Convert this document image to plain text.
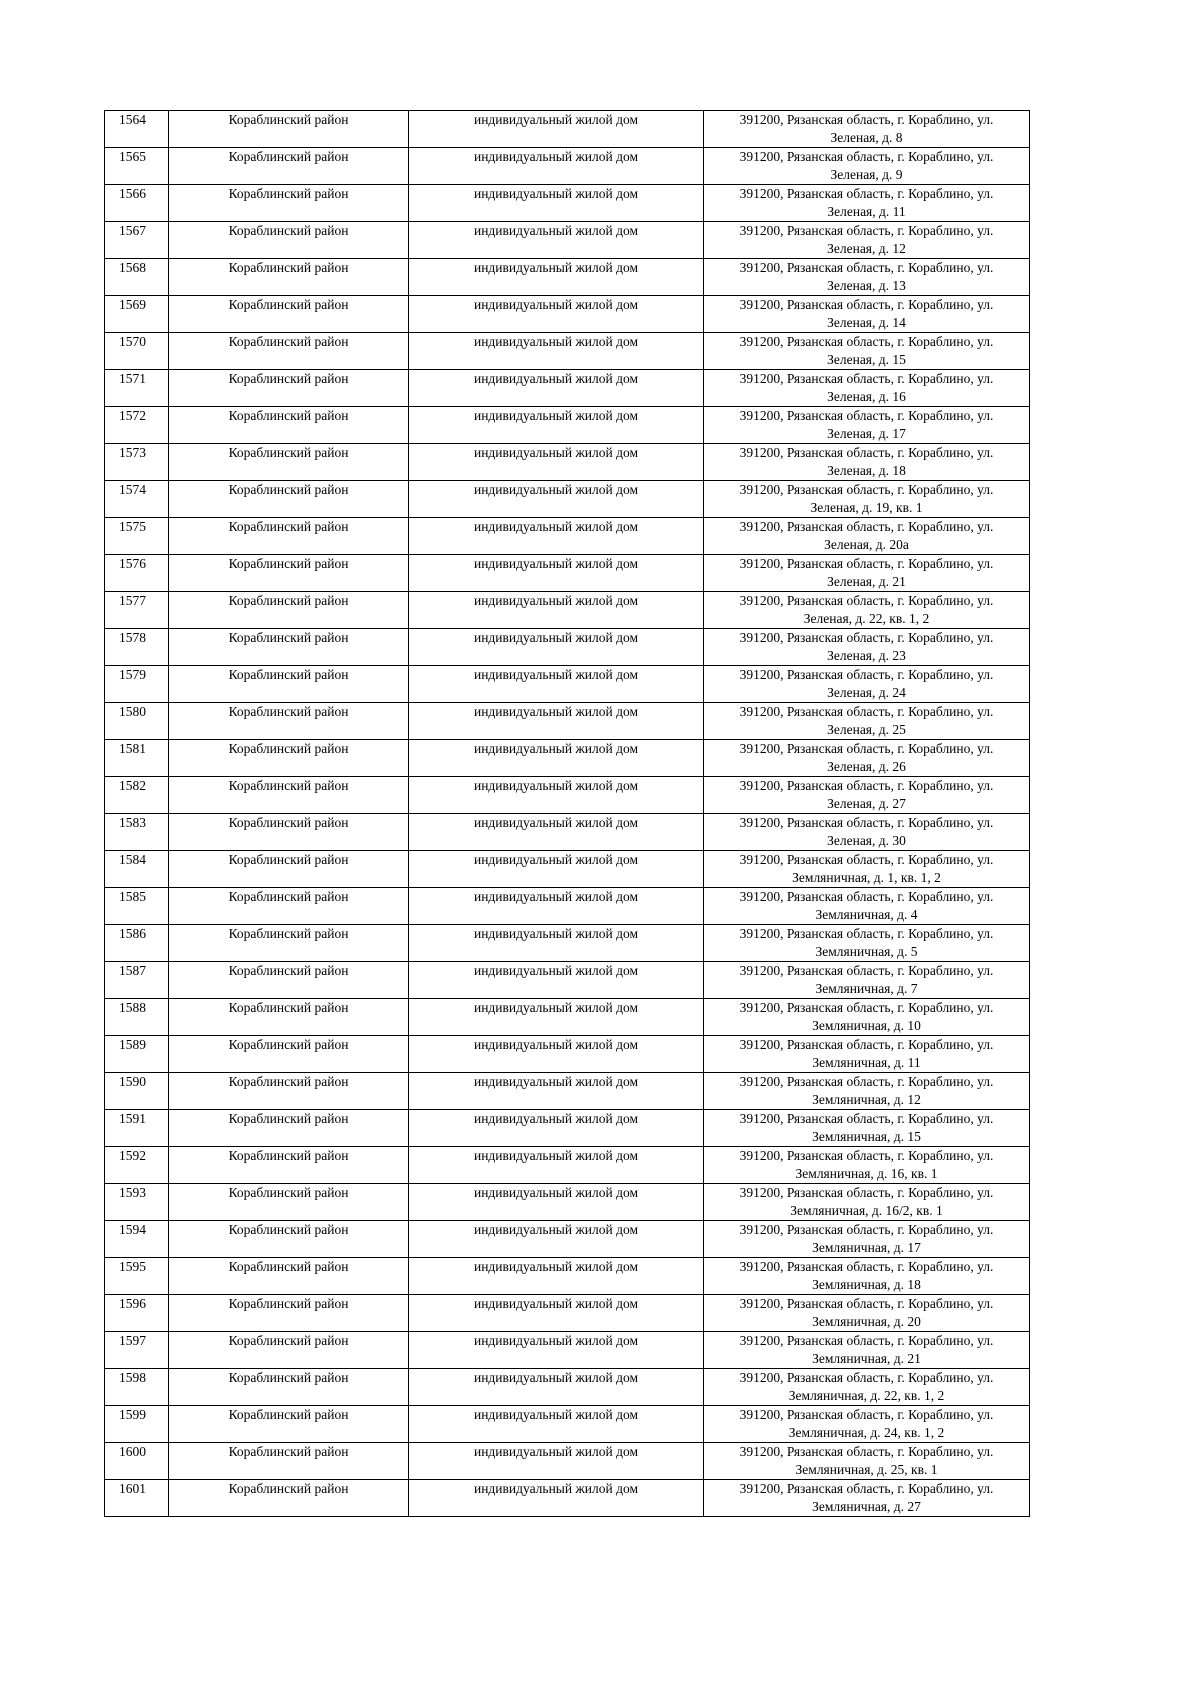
1564	Кораблинский район	индивидуальный жилой дом	391200, Рязанская область, г. Кораблино, ул. Зеленая, д. 8
1565	Кораблинский район	индивидуальный жилой дом	391200, Рязанская область, г. Кораблино, ул. Зеленая, д. 9
1566	Кораблинский район	индивидуальный жилой дом	391200, Рязанская область, г. Кораблино, ул. Зеленая, д. 11
1567	Кораблинский район	индивидуальный жилой дом	391200, Рязанская область, г. Кораблино, ул. Зеленая, д. 12
1568	Кораблинский район	индивидуальный жилой дом	391200, Рязанская область, г. Кораблино, ул. Зеленая, д. 13
1569	Кораблинский район	индивидуальный жилой дом	391200, Рязанская область, г. Кораблино, ул. Зеленая, д. 14
1570	Кораблинский район	индивидуальный жилой дом	391200, Рязанская область, г. Кораблино, ул. Зеленая, д. 15
1571	Кораблинский район	индивидуальный жилой дом	391200, Рязанская область, г. Кораблино, ул. Зеленая, д. 16
1572	Кораблинский район	индивидуальный жилой дом	391200, Рязанская область, г. Кораблино, ул. Зеленая, д. 17
1573	Кораблинский район	индивидуальный жилой дом	391200, Рязанская область, г. Кораблино, ул. Зеленая, д. 18
1574	Кораблинский район	индивидуальный жилой дом	391200, Рязанская область, г. Кораблино, ул. Зеленая, д. 19, кв. 1
1575	Кораблинский район	индивидуальный жилой дом	391200, Рязанская область, г. Кораблино, ул. Зеленая, д. 20а
1576	Кораблинский район	индивидуальный жилой дом	391200, Рязанская область, г. Кораблино, ул. Зеленая, д. 21
1577	Кораблинский район	индивидуальный жилой дом	391200, Рязанская область, г. Кораблино, ул. Зеленая, д. 22, кв. 1, 2
1578	Кораблинский район	индивидуальный жилой дом	391200, Рязанская область, г. Кораблино, ул. Зеленая, д. 23
1579	Кораблинский район	индивидуальный жилой дом	391200, Рязанская область, г. Кораблино, ул. Зеленая, д. 24
1580	Кораблинский район	индивидуальный жилой дом	391200, Рязанская область, г. Кораблино, ул. Зеленая, д. 25
1581	Кораблинский район	индивидуальный жилой дом	391200, Рязанская область, г. Кораблино, ул. Зеленая, д. 26
1582	Кораблинский район	индивидуальный жилой дом	391200, Рязанская область, г. Кораблино, ул. Зеленая, д. 27
1583	Кораблинский район	индивидуальный жилой дом	391200, Рязанская область, г. Кораблино, ул. Зеленая, д. 30
1584	Кораблинский район	индивидуальный жилой дом	391200, Рязанская область, г. Кораблино, ул. Земляничная, д. 1, кв. 1, 2
1585	Кораблинский район	индивидуальный жилой дом	391200, Рязанская область, г. Кораблино, ул. Земляничная, д. 4
1586	Кораблинский район	индивидуальный жилой дом	391200, Рязанская область, г. Кораблино, ул. Земляничная, д. 5
1587	Кораблинский район	индивидуальный жилой дом	391200, Рязанская область, г. Кораблино, ул. Земляничная, д. 7
1588	Кораблинский район	индивидуальный жилой дом	391200, Рязанская область, г. Кораблино, ул. Земляничная, д. 10
1589	Кораблинский район	индивидуальный жилой дом	391200, Рязанская область, г. Кораблино, ул. Земляничная, д. 11
1590	Кораблинский район	индивидуальный жилой дом	391200, Рязанская область, г. Кораблино, ул. Земляничная, д. 12
1591	Кораблинский район	индивидуальный жилой дом	391200, Рязанская область, г. Кораблино, ул. Земляничная, д. 15
1592	Кораблинский район	индивидуальный жилой дом	391200, Рязанская область, г. Кораблино, ул. Земляничная, д. 16, кв. 1
1593	Кораблинский район	индивидуальный жилой дом	391200, Рязанская область, г. Кораблино, ул. Земляничная, д. 16/2, кв. 1
1594	Кораблинский район	индивидуальный жилой дом	391200, Рязанская область, г. Кораблино, ул. Земляничная, д. 17
1595	Кораблинский район	индивидуальный жилой дом	391200, Рязанская область, г. Кораблино, ул. Земляничная, д. 18
1596	Кораблинский район	индивидуальный жилой дом	391200, Рязанская область, г. Кораблино, ул. Земляничная, д. 20
1597	Кораблинский район	индивидуальный жилой дом	391200, Рязанская область, г. Кораблино, ул. Земляничная, д. 21
1598	Кораблинский район	индивидуальный жилой дом	391200, Рязанская область, г. Кораблино, ул. Земляничная, д. 22, кв. 1, 2
1599	Кораблинский район	индивидуальный жилой дом	391200, Рязанская область, г. Кораблино, ул. Земляничная, д. 24, кв. 1, 2
1600	Кораблинский район	индивидуальный жилой дом	391200, Рязанская область, г. Кораблино, ул. Земляничная, д. 25, кв. 1
1601	Кораблинский район	индивидуальный жилой дом	391200, Рязанская область, г. Кораблино, ул. Земляничная, д. 27
